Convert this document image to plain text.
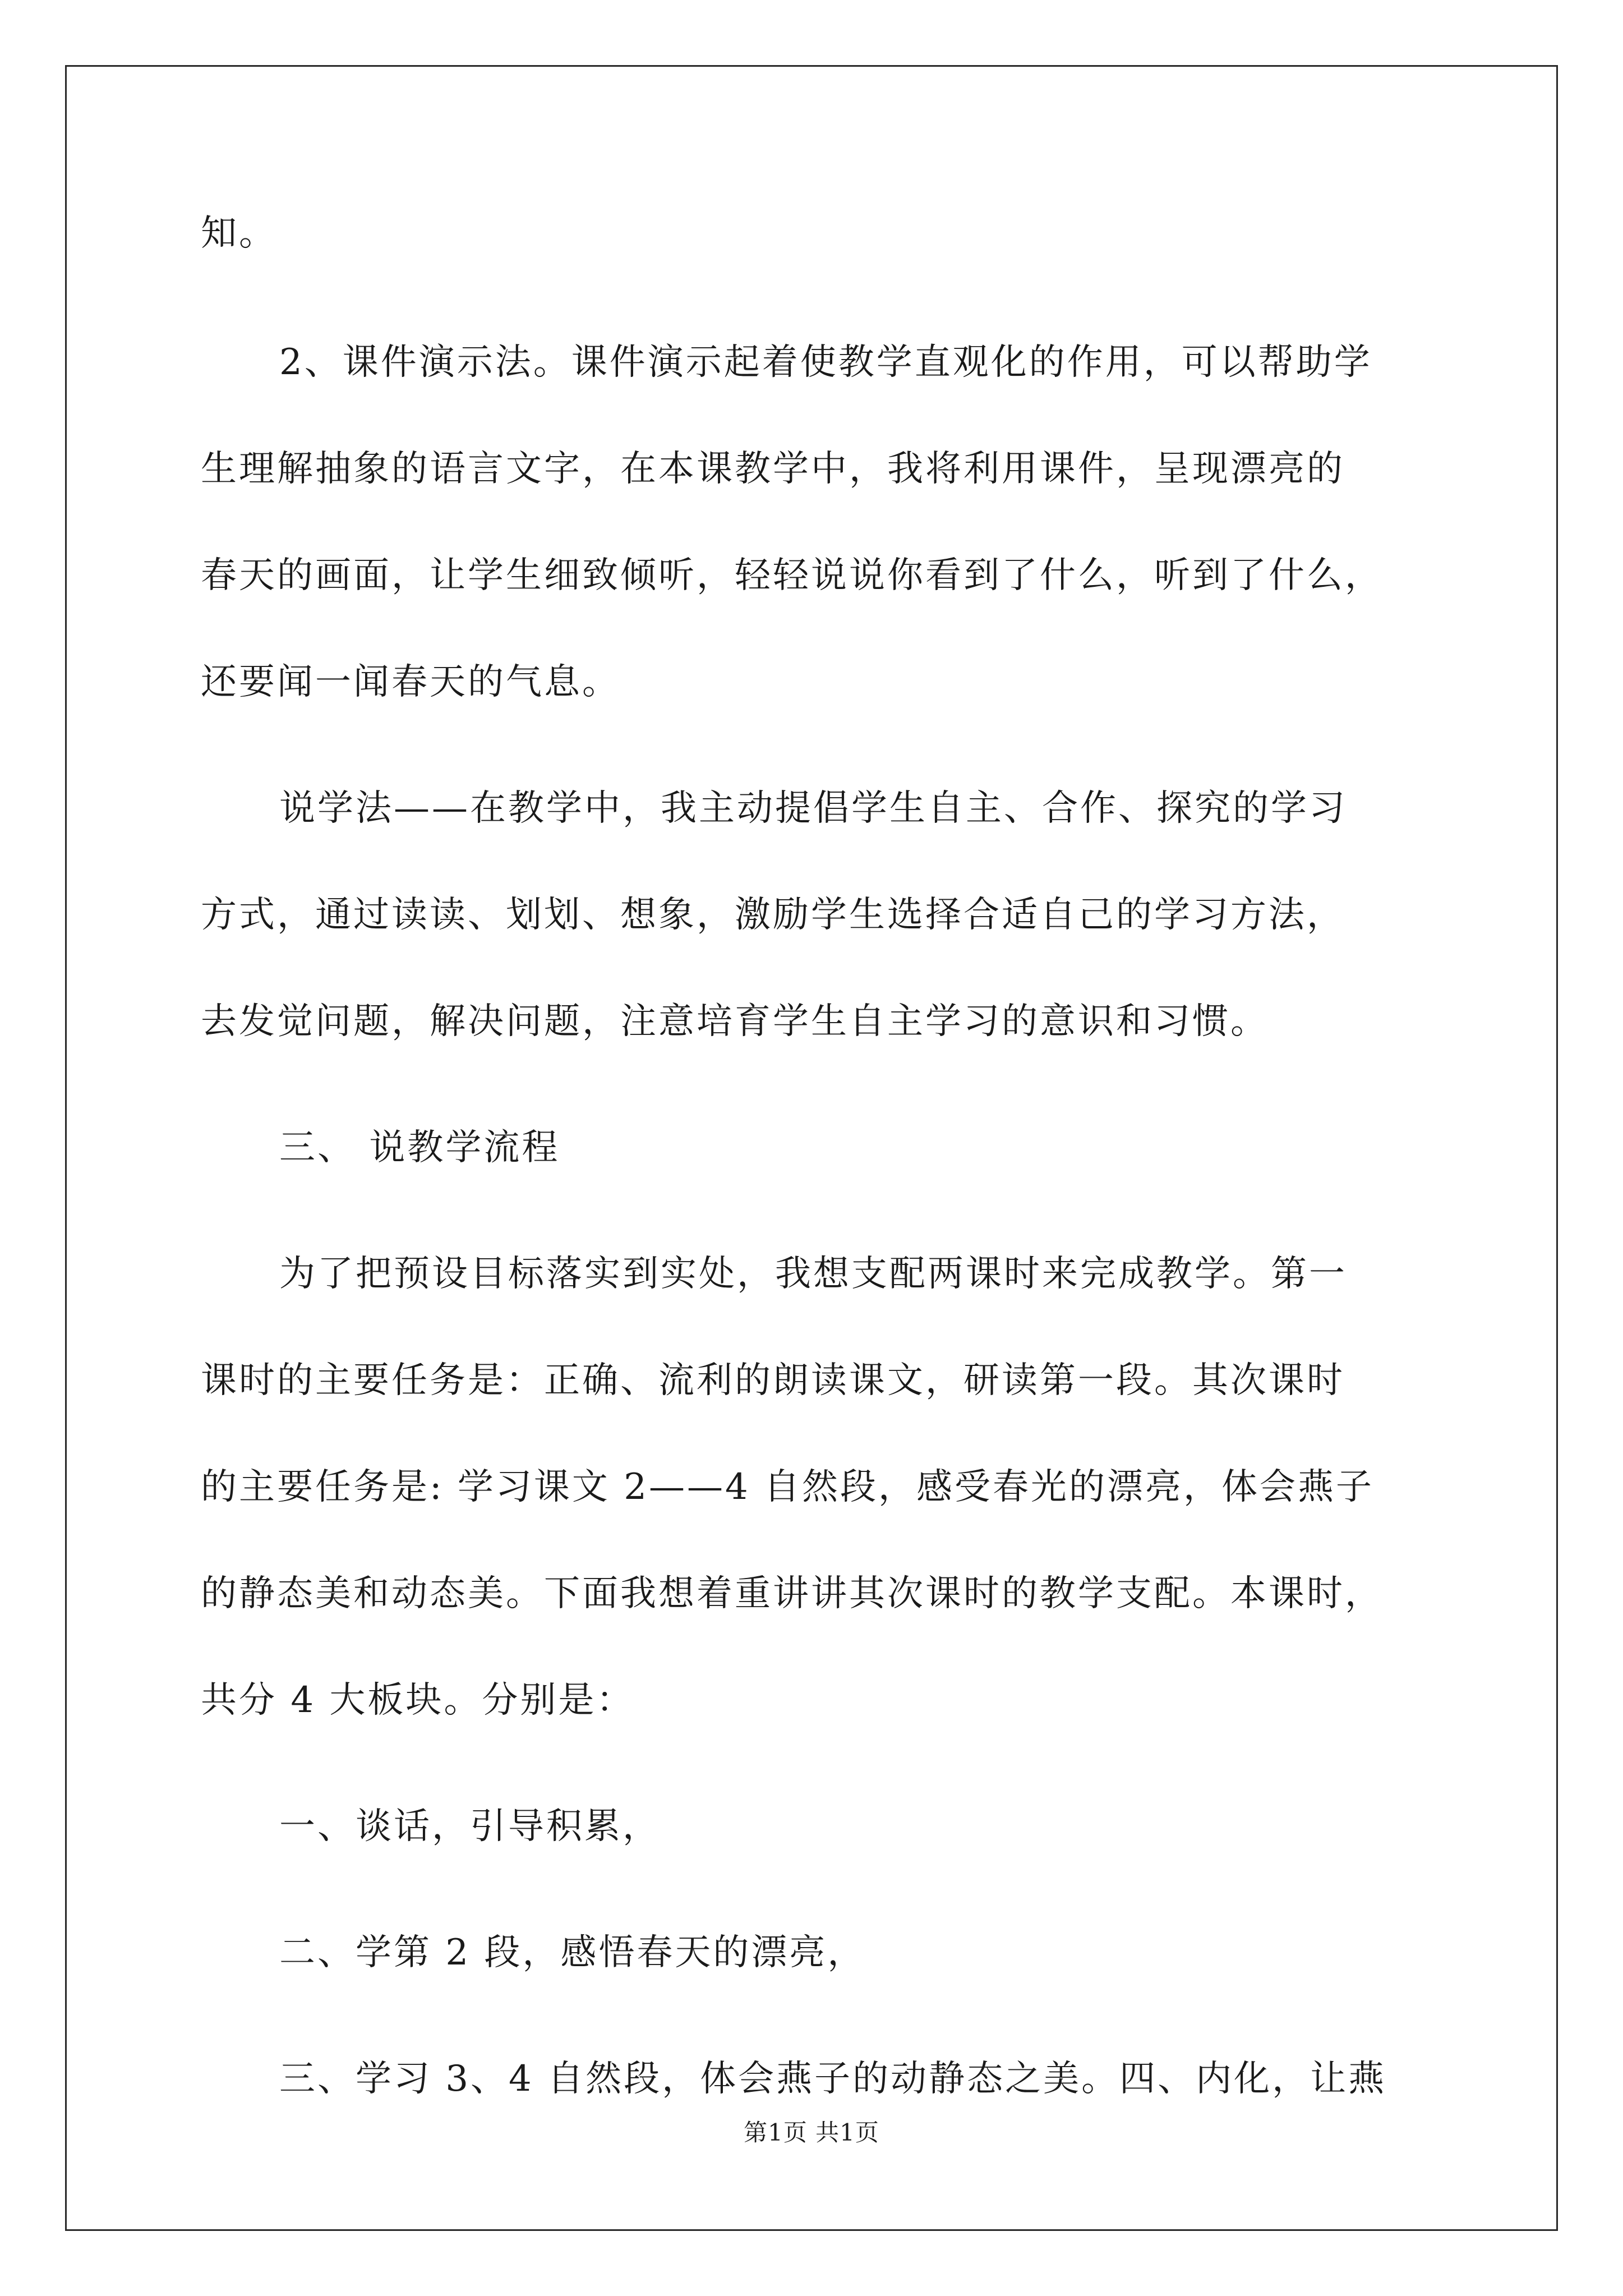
知。
2、课件演示法。课件演示起着使教学直观化的作用，可以帮助学
生理解抽象的语言文字，在本课教学中，我将利用课件，呈现漂亮的
春天的画面，让学生细致倾听，轻轻说说你看到了什么，听到了什么，
还要闻一闻春天的气息。
说学法——在教学中，我主动提倡学生自主、合作、探究的学习
方式，通过读读、划划、想象，激励学生选择合适自己的学习方法，
去发觉问题，解决问题，注意培育学生自主学习的意识和习惯。
三、 说教学流程
为了把预设目标落实到实处，我想支配两课时来完成教学。第一
课时的主要任务是：正确、流利的朗读课文，研读第一段。其次课时
的主要任务是: 学习课文 2——4 自然段，感受春光的漂亮，体会燕子
的静态美和动态美。下面我想着重讲讲其次课时的教学支配。本课时，
共分 4 大板块。分别是：
一、谈话，引导积累，
二、学第 2 段，感悟春天的漂亮，
三、学习 3、4 自然段，体会燕子的动静态之美。四、内化，让燕
第1页 共1页
